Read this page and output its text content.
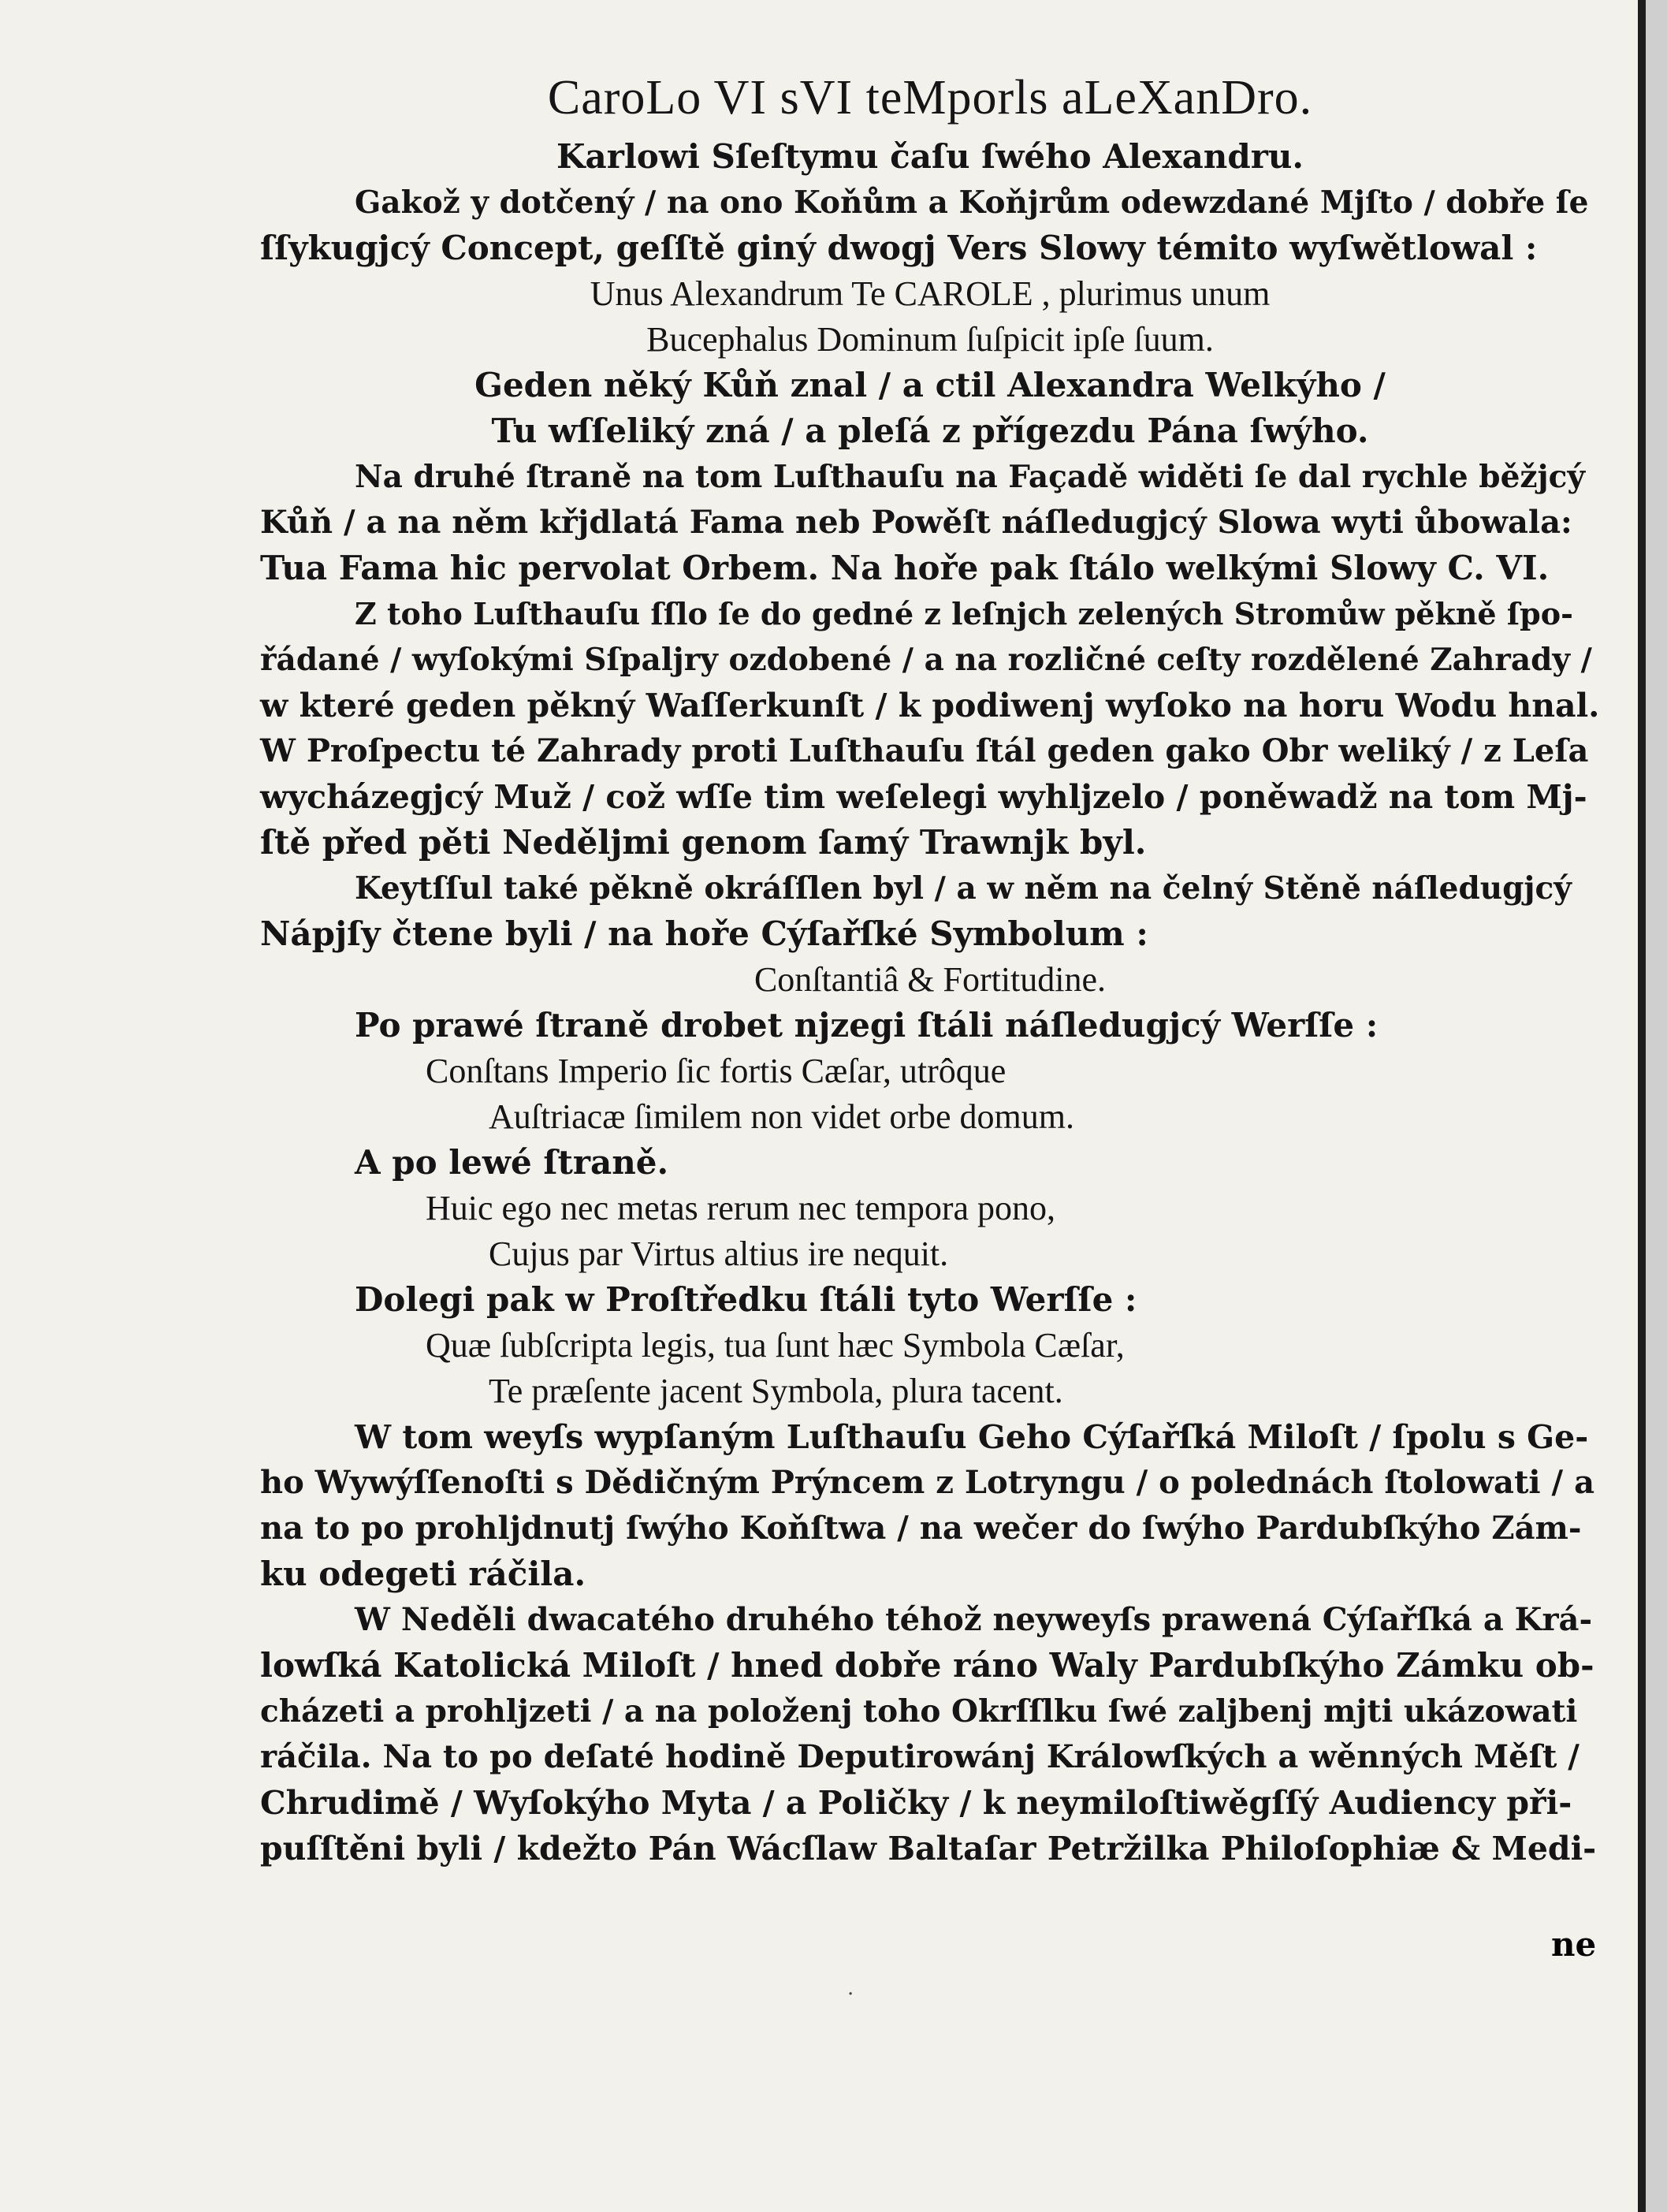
CaroLo VI sVI teMporls aLeXanDro.
Karlowi Sſeſtymu čaſu ſwého Alexandru.
Gakož y dotčený / na ono Koňům a Koňjrům odewzdané Mjſto / dobře ſe
ſſykugjcý Concept, geſſtě giný dwogj Vers Slowy témito wyſwětlowal :
Unus Alexandrum Te CAROLE , plurimus unum
Bucephalus Dominum ſuſpicit ipſe ſuum.
Geden něký Kůň znal / a ctil Alexandra Welkýho /
Tu wſſeliký zná / a pleſá z přígezdu Pána ſwýho.
Na druhé ſtraně na tom Luſthauſu na Façadě widěti ſe dal rychle běžjcý
Kůň / a na něm křjdlatá Fama neb Powěſt náſledugjcý Slowa wyti ůbowala:
Tua Fama hic pervolat Orbem. Na hoře pak ſtálo welkými Slowy C. VI.
Z toho Luſthauſu ſſlo ſe do gedné z leſnjch zelených Stromůw pěkně ſpo-
řádané / wyſokými Sſpaljry ozdobené / a na rozličné ceſty rozdělené Zahrady /
w které geden pěkný Waſſerkunſt / k podiwenj wyſoko na horu Wodu hnal.
W Proſpectu té Zahrady proti Luſthauſu ſtál geden gako Obr weliký / z Leſa
wycházegjcý Muž / což wſſe tim weſelegi wyhljzelo / poněwadž na tom Mj-
ſtě před pěti Neděljmi genom ſamý Trawnjk byl.
Keytſſul také pěkně okráſſlen byl / a w něm na čelný Stěně náſledugjcý
Nápjſy čtene byli / na hoře Cýſařſké Symbolum :
Conſtantiâ & Fortitudine.
Po prawé ſtraně drobet njzegi ſtáli náſledugjcý Werſſe :
Conſtans Imperio ſic fortis Cæſar, utrôque
Auſtriacæ ſimilem non videt orbe domum.
A po lewé ſtraně.
Huic ego nec metas rerum nec tempora pono,
Cujus par Virtus altius ire nequit.
Dolegi pak w Proſtředku ſtáli tyto Werſſe :
Quæ ſubſcripta legis, tua ſunt hæc Symbola Cæſar,
Te præſente jacent Symbola, plura tacent.
W tom weyſs wypſaným Luſthauſu Geho Cýſařſká Miloſt / ſpolu s Ge-
ho Wywýſſenoſti s Dědičným Prýncem z Lotryngu / o polednách ſtolowati / a
na to po prohljdnutj ſwýho Koňſtwa / na wečer do ſwýho Pardubſkýho Zám-
ku odegeti ráčila.
W Neděli dwacatého druhého téhož neyweyſs prawená Cýſařſká a Krá-
lowſká Katolická Miloſt / hned dobře ráno Waly Pardubſkýho Zámku ob-
cházeti a prohljzeti / a na položenj toho Okrſſlku ſwé zaljbenj mjti ukázowati
ráčila. Na to po deſaté hodině Deputirowánj Králowſkých a wěnných Měſt /
Chrudimě / Wyſokýho Myta / a Poličky / k neymiloſtiwěgſſý Audiency při-
puſſtěni byli / kdežto Pán Wácſlaw Baltaſar Petržilka Philoſophiæ & Medi-
ne
·
